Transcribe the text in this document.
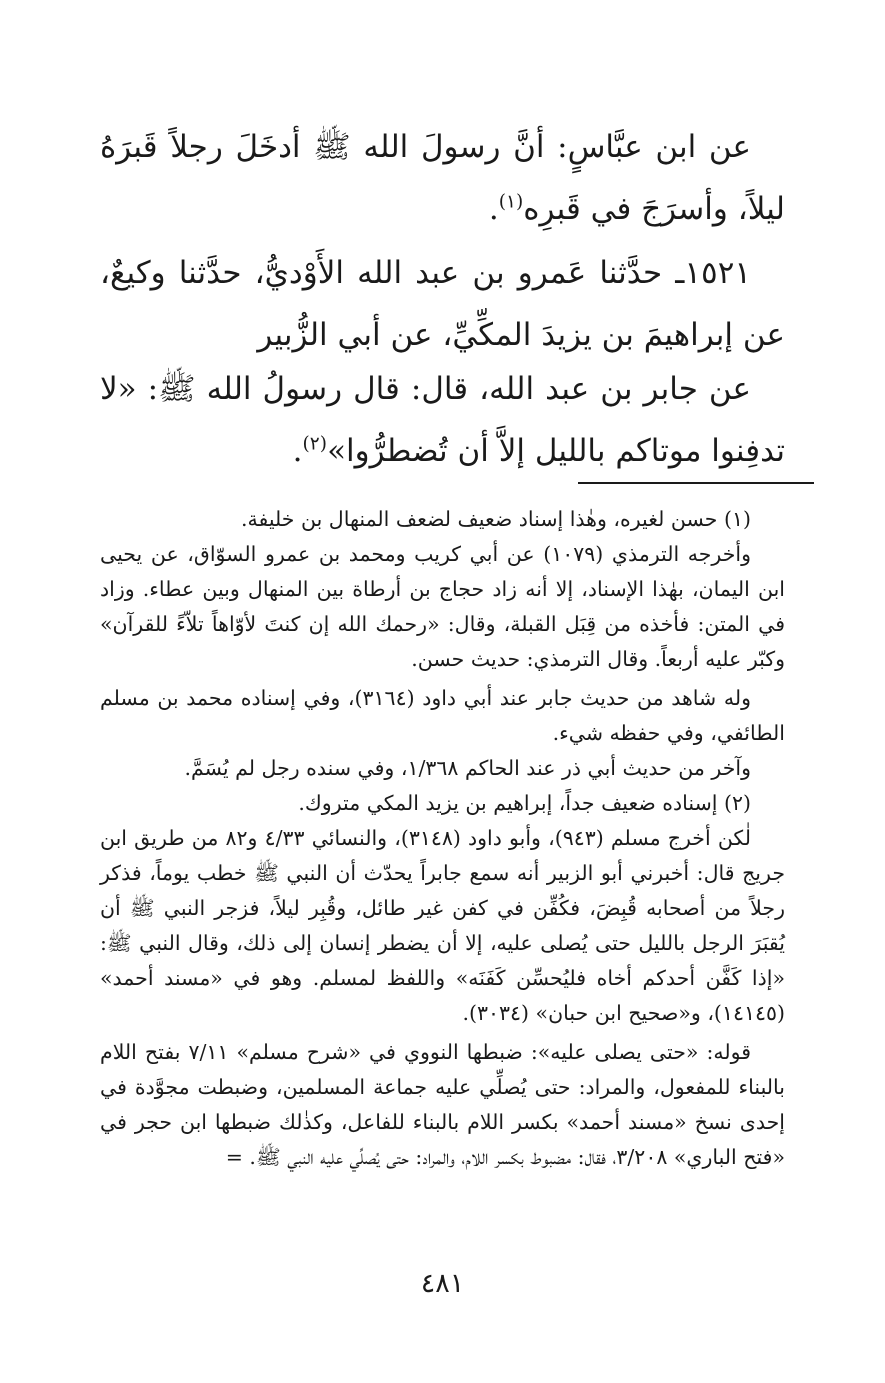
عن ابن عبَّاسٍ: أنَّ رسولَ الله ﷺ أدخَلَ رجلاً قَبرَهُ ليلاً، وأسرَجَ في قَبرِه$^{(١)}$.

١٥٢١ـ حدَّثنا عَمرو بن عبد الله الأَوْديُّ، حدَّثنا وكيعٌ، عن إبراهيمَ بن يزيدَ المكِّيِّ، عن أبي الزُّبير

عن جابر بن عبد الله، قال: قال رسولُ الله ﷺ: «لا تدفِنوا موتاكم بالليل إلاَّ أن تُضطرُّوا»$^{(٢)}$.

(١) حسن لغيره، وهٰذا إسناد ضعيف لضعف المنهال بن خليفة.

وأخرجه الترمذي (١٠٧٩) عن أبي كريب ومحمد بن عمرو السوّاق، عن يحيى ابن اليمان، بهٰذا الإسناد، إلا أنه زاد حجاج بن أرطاة بين المنهال وبين عطاء. وزاد في المتن: فأخذه من قِبَل القبلة، وقال: «رحمك الله إن كنتَ لأوّاهاً تلاّءً للقرآن» وكبّر عليه أربعاً. وقال الترمذي: حديث حسن.

وله شاهد من حديث جابر عند أبي داود (٣١٦٤)، وفي إسناده محمد بن مسلم الطائفي، وفي حفظه شيء.

وآخر من حديث أبي ذر عند الحاكم ١/٣٦٨، وفي سنده رجل لم يُسَمَّ.

(٢) إسناده ضعيف جداً، إبراهيم بن يزيد المكي متروك.

لٰكن أخرج مسلم (٩٤٣)، وأبو داود (٣١٤٨)، والنسائي ٤/٣٣ و٨٢ من طريق ابن جريج قال: أخبرني أبو الزبير أنه سمع جابراً يحدّث أن النبي ﷺ خطب يوماً، فذكر رجلاً من أصحابه قُبِضَ، فكُفِّن في كفن غير طائل، وقُبِر ليلاً، فزجر النبي ﷺ أن يُقبَرَ الرجل بالليل حتى يُصلى عليه، إلا أن يضطر إنسان إلى ذلك، وقال النبي ﷺ: «إذا كَفَّن أحدكم أخاه فليُحسِّن كَفَنَه» واللفظ لمسلم. وهو في «مسند أحمد» (١٤١٤٥)، و«صحيح ابن حبان» (٣٠٣٤).

قوله: «حتى يصلى عليه»: ضبطها النووي في «شرح مسلم» ٧/١١ بفتح اللام بالبناء للمفعول، والمراد: حتى يُصلِّي عليه جماعة المسلمين، وضبطت مجوَّدة في إحدى نسخ «مسند أحمد» بكسر اللام بالبناء للفاعل، وكذٰلك ضبطها ابن حجر في «فتح الباري» ٣/٢٠٨، فقال: مضبوط بكسر اللام، والمراد: حتى يُصلِّي عليه النبي ﷺ. =

٤٨١
